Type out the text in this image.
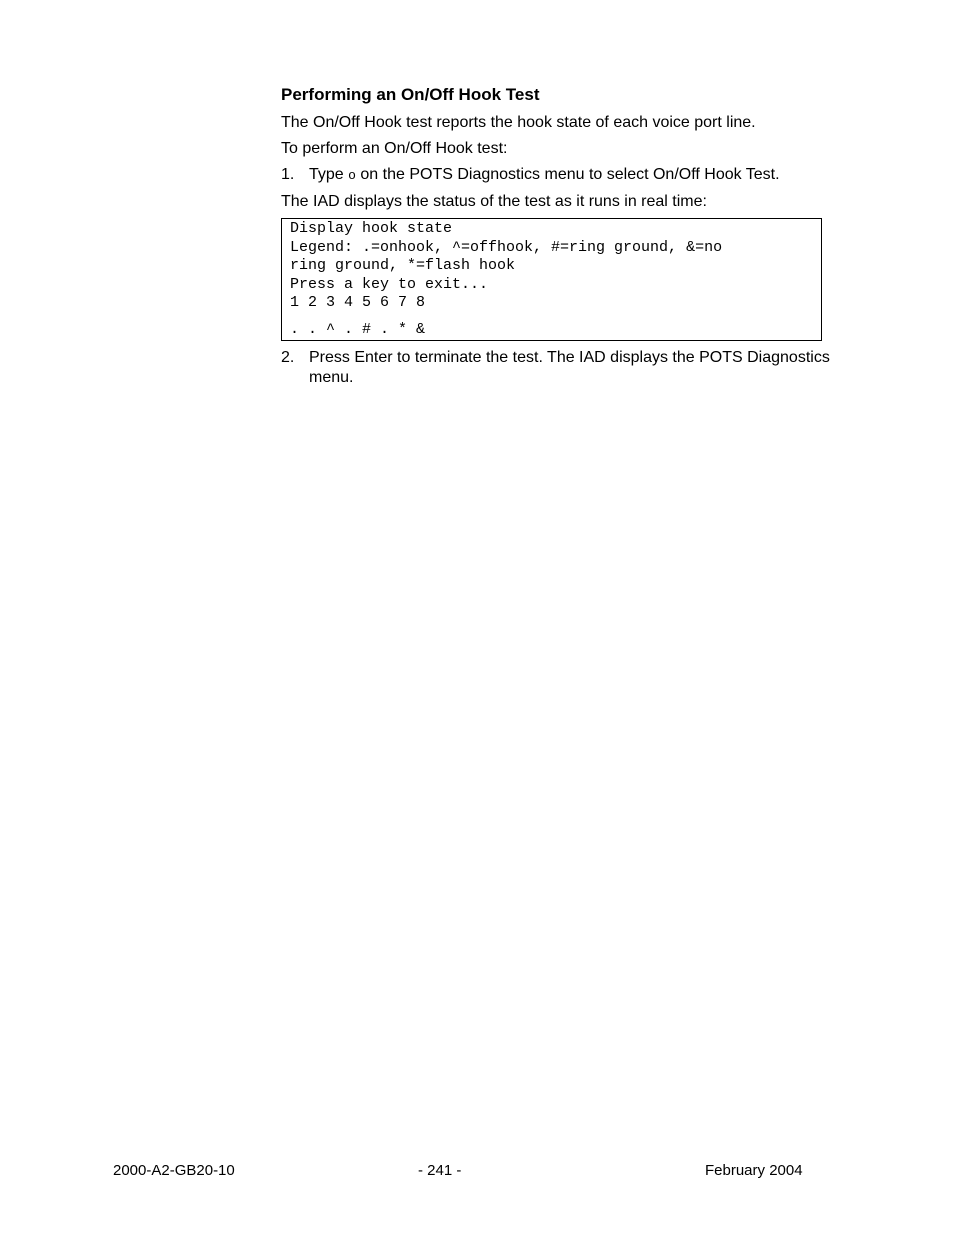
Performing an On/Off Hook Test
The On/Off Hook test reports the hook state of each voice port line.
To perform an On/Off Hook test:
1. Type o on the POTS Diagnostics menu to select On/Off Hook Test.
The IAD displays the status of the test as it runs in real time:
Display hook state
Legend: .=onhook, ^=offhook, #=ring ground, &=no
ring ground, *=flash hook
Press a key to exit...
1 2 3 4 5 6 7 8
. . ^ . # . * &
2. Press Enter to terminate the test. The IAD displays the POTS Diagnostics menu.
2000-A2-GB20-10	- 241 -	February 2004
